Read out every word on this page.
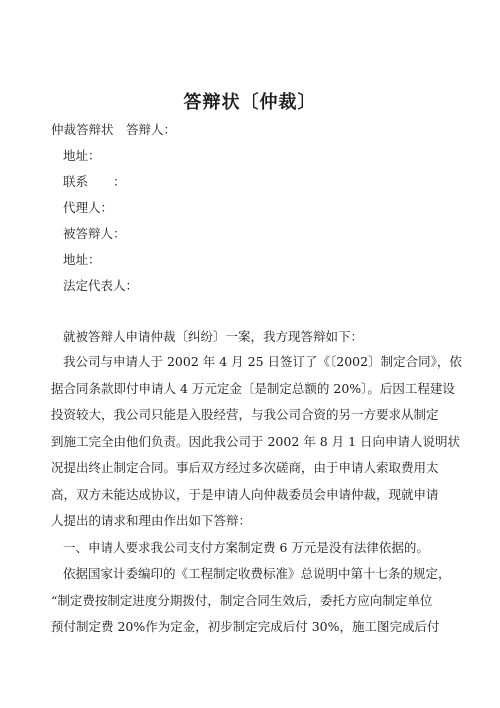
答辩状〔仲裁〕
仲裁答辩状 答辩人：
地址：
联系　　：
代理人：
被答辩人：
地址：
法定代表人：
就被答辩人申请仲裁〔纠纷〕一案，我方现答辩如下：
我公司与申请人于 2002 年 4 月 25 日签订了《〔2002〕制定合同》，依
据合同条款即付申请人 4 万元定金〔是制定总额的 20%〕。后因工程建设
投资较大，我公司只能是入股经营，与我公司合资的另一方要求从制定
到施工完全由他们负责。因此我公司于 2002 年 8 月 1 日向申请人说明状
况提出终止制定合同。事后双方经过多次磋商，由于申请人索取费用太
高，双方未能达成协议，于是申请人向仲裁委员会申请仲裁，现就申请
人提出的请求和理由作出如下答辩：
一、申请人要求我公司支付方案制定费 6 万元是没有法律依据的。
依据国家计委编印的《工程制定收费标准》总说明中第十七条的规定，
“制定费按制定进度分期拨付，制定合同生效后，委托方应向制定单位
预付制定费 20%作为定金，初步制定完成后付 30%，施工图完成后付
